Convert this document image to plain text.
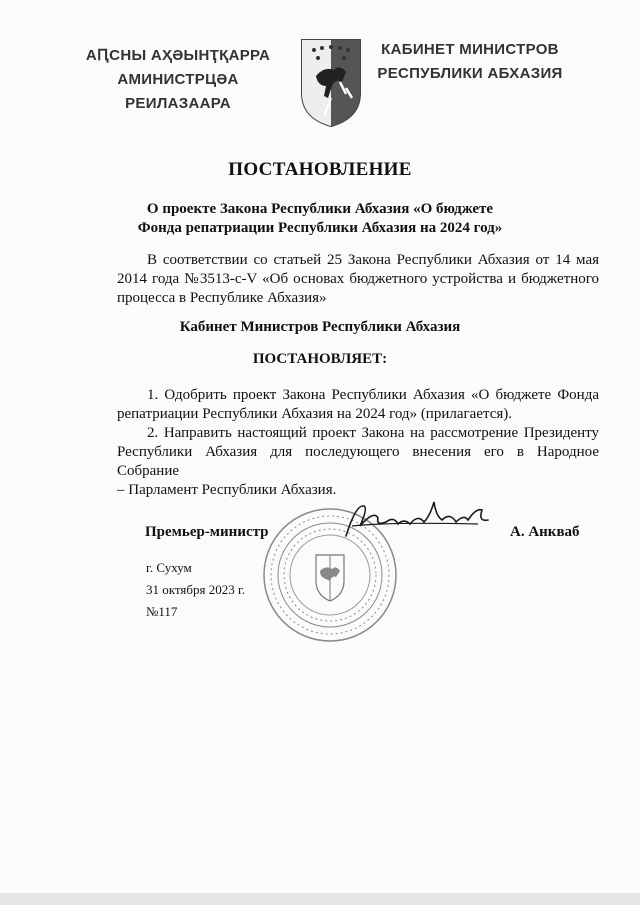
АԤСНЫ АҲӘЫНҬҚАРРА
АМИНИСТРЦӘА РЕИЛАЗААРА
КАБИНЕТ МИНИСТРОВ
РЕСПУБЛИКИ АБХАЗИЯ
ПОСТАНОВЛЕНИЕ
О проекте Закона Республики Абхазия «О бюджете
Фонда репатриации Республики Абхазия на 2024 год»
В соответствии со статьей 25 Закона Республики Абхазия от 14 мая
2014 года №3513-с-V «Об основах бюджетного устройства и бюджетного
процесса в Республике Абхазия»
Кабинет Министров Республики Абхазия
ПОСТАНОВЛЯЕТ:
1. Одобрить проект Закона Республики Абхазия «О бюджете Фонда
репатриации Республики Абхазия на 2024 год» (прилагается).
2. Направить настоящий проект Закона на рассмотрение Президенту
Республики Абхазия для последующего внесения его в Народное Собрание
– Парламент Республики Абхазия.
Премьер-министр	А. Анкваб
г. Сухум
31 октября 2023 г.
№117
